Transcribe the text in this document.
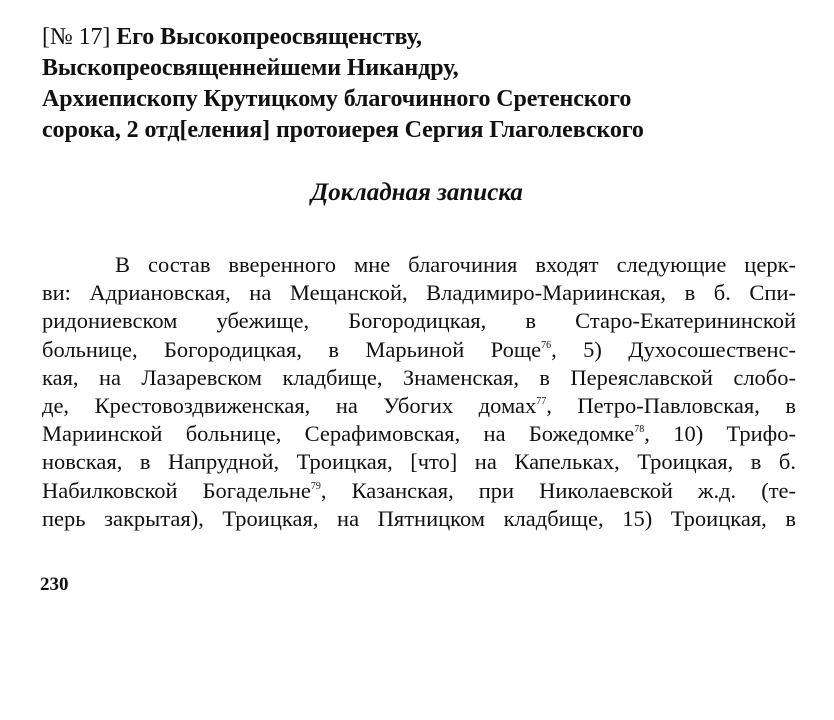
[№ 17] Его Высокопреосвященству,
Выскопреосвященнейшеми Никандру,
Архиепископу Крутицкому благочинного Сретенского
сорока, 2 отд[еления] протоиерея Сергия Глаголевского
Докладная записка
В состав вверенного мне благочиния входят следующие церк-
ви: Адриановская, на Мещанской, Владимиро-Мариинская, в б. Спи-
ридониевском убежище, Богородицкая, в Старо-Екатерининской
больнице, Богородицкая, в Марьиной Роще$^{76}$, 5) Духосошественс-
кая, на Лазаревском кладбище, Знаменская, в Переяславской слобо-
де, Крестовоздвиженская, на Убогих домах$^{77}$, Петро-Павловская, в
Мариинской больнице, Серафимовская, на Божедомке$^{78}$, 10) Трифо-
новская, в Напрудной, Троицкая, [что] на Капельках, Троицкая, в б.
Набилковской Богадельне$^{79}$, Казанская, при Николаевской ж.д. (те-
перь закрытая), Троицкая, на Пятницком кладбище, 15) Троицкая, в
230
